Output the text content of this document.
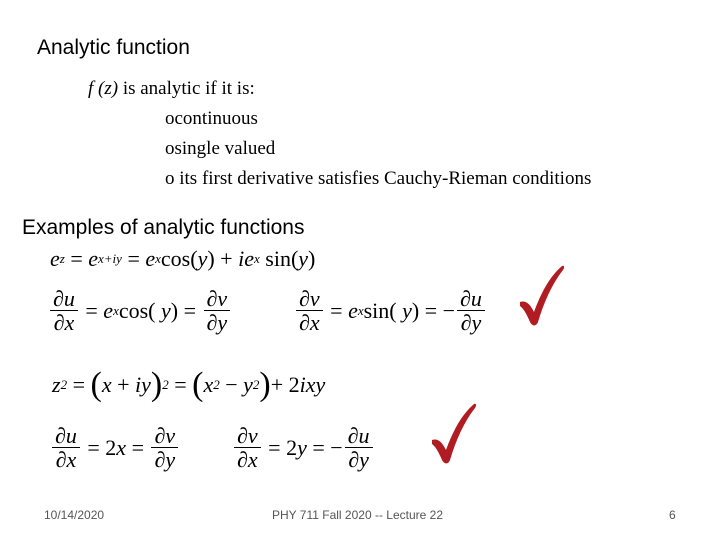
Analytic function
f (z) is analytic if it is:
ocontinuous
osingle valued
o its first derivative satisfies Cauchy-Rieman conditions
Examples of analytic functions
e z
= e x+iy
= e x cos( y )
+ ie x sin( y )
$\frac{\partial u}{\partial x}$
= e x cos( y )
=
$\frac{\partial v}{\partial y}$	$\frac{\partial v}{\partial x}$
= e x sin( y )
= − $\frac{\partial u}{\partial y}$
z 2
=
( x + iy ) 2
=
( x 2
− y 2 ) +
2 ixy
$\frac{\partial u}{\partial x}$
=
2 x =
$\frac{\partial v}{\partial y}$	$\frac{\partial v}{\partial x}$
=
2 y = − $\frac{\partial u}{\partial y}$
10/14/2020	PHY 711 Fall 2020 -- Lecture 22	6
